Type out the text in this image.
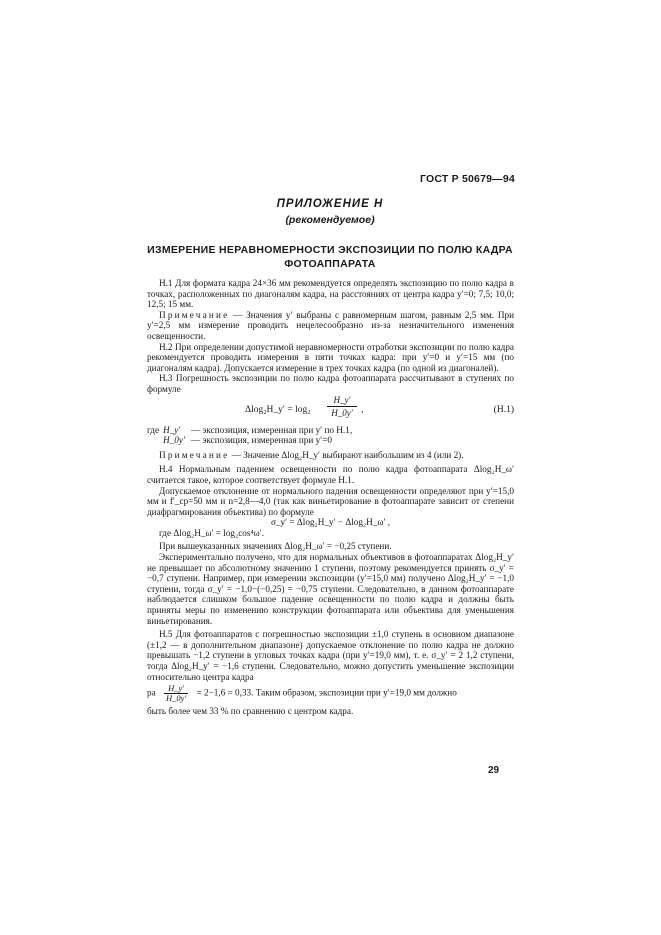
ГОСТ Р 50679—94
ПРИЛОЖЕНИЕ Н
(рекомендуемое)
ИЗМЕРЕНИЕ НЕРАВНОМЕРНОСТИ ЭКСПОЗИЦИИ ПО ПОЛЮ КАДРА
ФОТОАППАРАТА

Н.1 Для формата кадра 24×36 мм рекомендуется определять экспозицию по полю кадра в точках, расположенных по диагоналям кадра, на расстояниях от центра кадра y′=0; 7,5; 10,0; 12,5; 15 мм.

Примечание — Значения y′ выбраны с равномерным шагом, равным 2,5 мм. При y′=2,5 мм измерение проводить нецелесообразно из-за незначительного изменения освещенности.

Н.2 При определении допустимой неравномерности отработки экспозиции по полю кадра рекомендуется проводить измерения в пяти точках кадра: при y′=0 и y′=15 мм (по диагоналям кадра). Допускается измерение в трех точках кадра (по одной из диагоналей).

Н.3 Погрешность экспозиции по полю кадра фотоаппарата рассчитывают в ступенях по формуле

Δlog₂H_y′ = $\log_2 \frac{H\_y'}{H\_0y'}$ ,	(Н.1)
где H_y′	— экспозиция, измеренная при y′ по Н.1,
H_0y′ — экспозиция, измеренная при y′=0

Примечание — Значение Δlog₂H_y′ выбирают наибольшим из 4 (или 2).

Н.4 Нормальным падением освещенности по полю кадра фотоаппарата Δlog₂H_ω′ считается такое, которое соответствует формуле Н.1.

Допускаемое отклонение от нормального падения освещенности определяют при y′=15,0 мм и f′_ср=50 мм и n=2,8—4,0 (так как виньетирование в фотоаппарате зависит от степени диафрагмирования объектива) по формуле

σ_y′ = Δlog₂H_y′ − Δlog₂H_ω′ ,

где Δlog₂H_ω′ = log₂cos⁴ω′.

При вышеуказанных значениях Δlog₂H_ω′ = −0,25 ступени.

Экспериментально получено, что для нормальных объективов в фотоаппаратах Δlog₂H_y′ не превышает по абсолютному значению 1 ступени, поэтому рекомендуется принять σ_y′ = −0,7 ступени. Например, при измерении экспозиции (y′=15,0 мм) получено Δlog₂H_y′ = −1,0 ступени, тогда σ_y′ = −1,0−(−0,25) = −0,75 ступени. Следовательно, в данном фотоаппарате наблюдается слишком большое падение освещенности по полю кадра и должны быть приняты меры по изменению конструкции фотоаппарата или объектива для уменьшения виньетирования.

Н.5 Для фотоаппаратов с погрешностью экспозиции ±1,0 ступень в основном диапазоне (±1,2 — в дополнительном диапазоне) допускаемое отклонение по полю кадра не должно превышать −1,2 ступени в угловых точках кадра (при y′=19,0 мм), т. е. σ_y′ = 2 1,2 ступени, тогда Δlog₂H_y′ = −1,6 ступени. Следовательно, можно допустить уменьшение экспозиции относительно центра кадра

ра $\frac{H\_y'}{H\_0y'} = 2-1,6 = 0,33$. Таким образом, экспозиции при y′=19,0 мм должно

быть более чем 33 % по сравнению с центром кадра.

29
